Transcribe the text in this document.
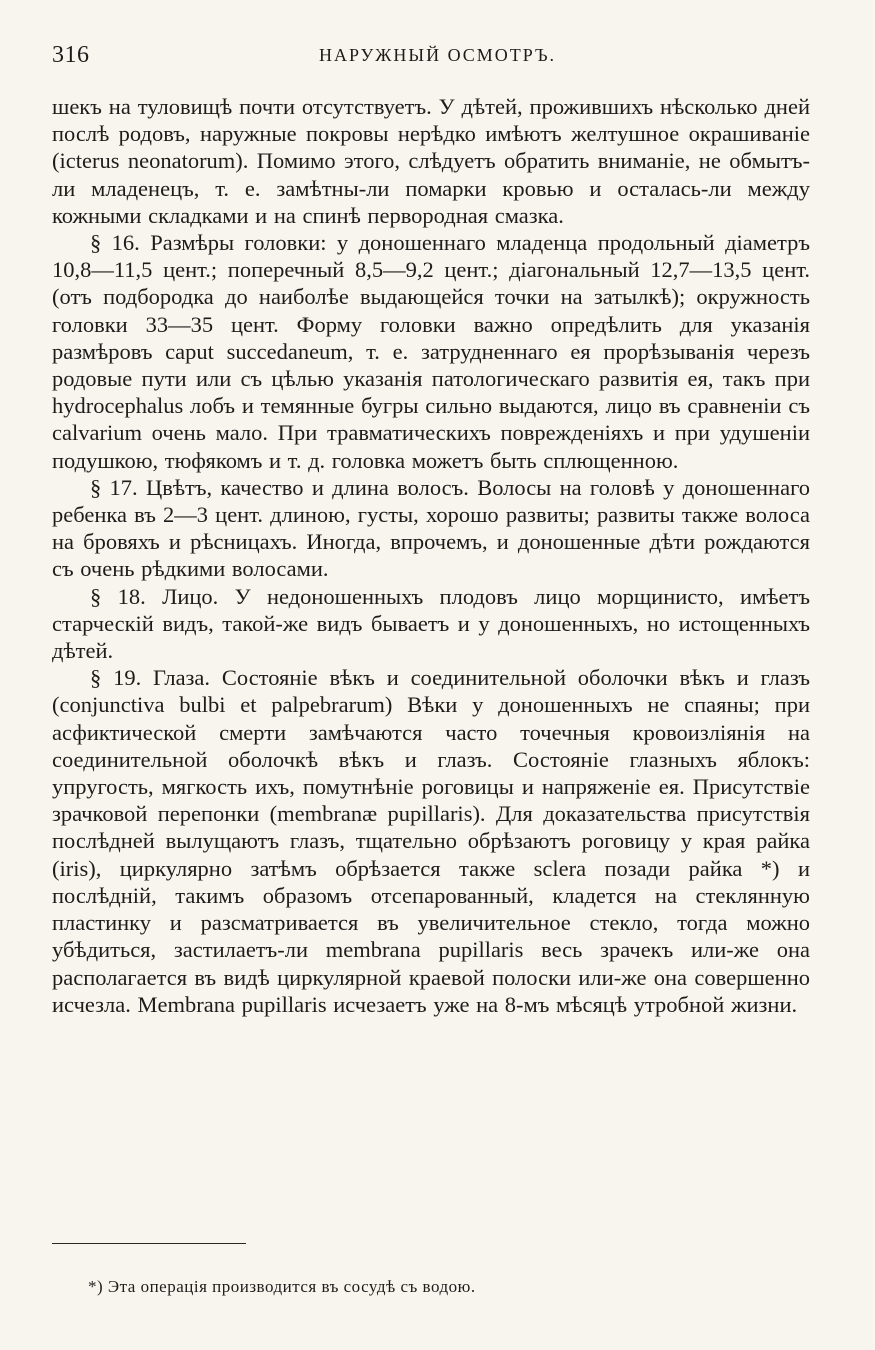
316	НАРУЖНЫЙ ОСМОТРЪ.

шекъ на туловищѣ почти отсутствуетъ. У дѣтей, прожившихъ нѣсколько дней послѣ родовъ, наружные покровы нерѣдко имѣютъ желтушное окрашиванiе (icterus neonatorum). Помимо этого, слѣдуетъ обратить вниманiе, не обмытъ-ли младенецъ, т. е. замѣтны-ли помарки кровью и осталась-ли между кожными складками и на спинѣ первородная смазка.

§ 16. Размѣры головки: у доношеннаго младенца продольный дiаметръ 10,8—11,5 цент.; поперечный 8,5—9,2 цент.; дiагональный 12,7—13,5 цент. (отъ подбородка до наиболѣе выдающейся точки на затылкѣ); окружность головки 33—35 цент. Форму головки важно опредѣлить для указанiя размѣровъ caput succedaneum, т. е. затрудненнаго ея прорѣзыванiя черезъ родовые пути или съ цѣлью указанiя патологическаго развитiя ея, такъ при hydrocephalus лобъ и темянные бугры сильно выдаются, лицо въ сравненiи съ calvarium очень мало. При травматическихъ поврежденiяхъ и при удушенiи подушкою, тюфякомъ и т. д. головка можетъ быть сплющенною.

§ 17. Цвѣтъ, качество и длина волосъ. Волосы на головѣ у доношеннаго ребенка въ 2—3 цент. длиною, густы, хорошо развиты; развиты также волоса на бровяхъ и рѣсницахъ. Иногда, впрочемъ, и доношенные дѣти рождаются съ очень рѣдкими волосами.

§ 18. Лицо. У недоношенныхъ плодовъ лицо морщинисто, имѣетъ старческiй видъ, такой-же видъ бываетъ и у доношенныхъ, но истощенныхъ дѣтей.

§ 19. Глаза. Состоянiе вѣкъ и соединительной оболочки вѣкъ и глазъ (conjunctiva bulbi et palpebrarum) Вѣки у доношенныхъ не спаяны; при асфиктической смерти замѣчаются часто точечныя кровоизлiянiя на соединительной оболочкѣ вѣкъ и глазъ. Состоянiе глазныхъ яблокъ: упругость, мягкость ихъ, помутнѣнiе роговицы и напряженiе ея. Присутствiе зрачковой перепонки (membranæ pupillaris). Для доказательства присутствiя послѣдней вылущаютъ глазъ, тщательно обрѣзаютъ роговицу у края райка (iris), циркулярно затѣмъ обрѣзается также sclera позади райка *) и послѣднiй, такимъ образомъ отсепарованный, кладется на стеклянную пластинку и разсматривается въ увеличительное стекло, тогда можно убѣдиться, застилаетъ-ли membrana pupillaris весь зрачекъ или-же она располагается въ видѣ циркулярной краевой полоски или-же она совершенно исчезла. Membrana pupillaris исчезаетъ уже на 8-мъ мѣсяцѣ утробной жизни.

*) Эта операцiя производится въ сосудѣ съ водою.
